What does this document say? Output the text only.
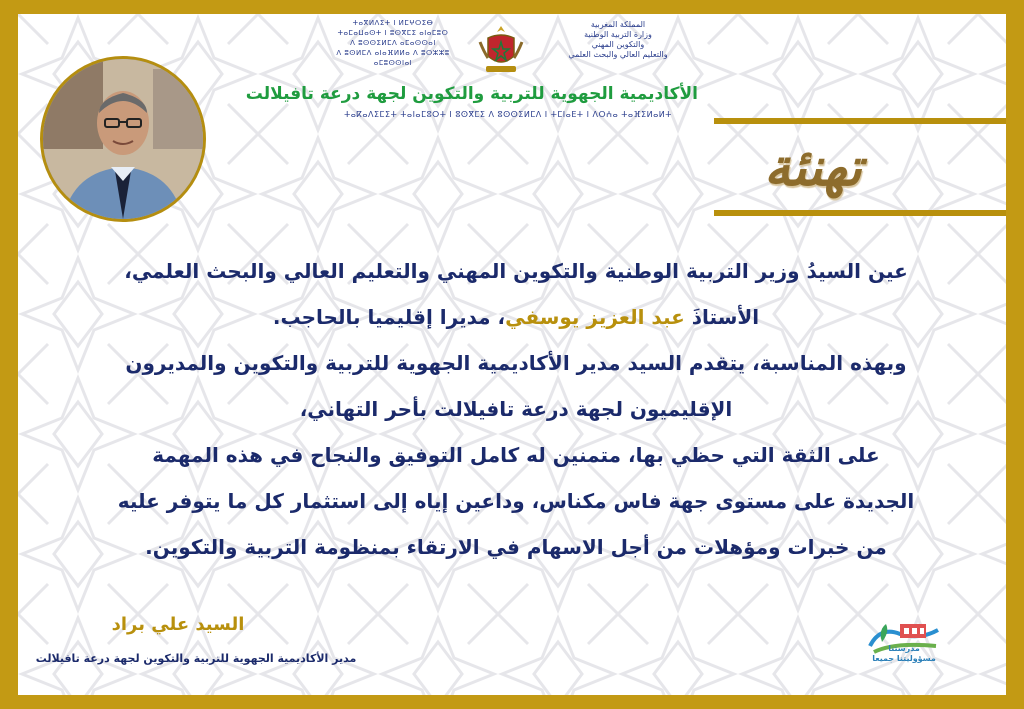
ⵜⴰⴳⵍⴷⵉⵜ ⵏ ⵍⵎⵖⵔⵉⴱ
ⵜⴰⵎⴰⵡⴰⵙⵜ ⵏ ⵓⵙⴳⵎⵉ ⴰⵏⴰⵎⵓⵔ
ⴷ ⵓⵙⵙⵉⵍⵎⴷ ⴰⵎⴰⵙⵙⴰⵏ
ⴷ ⵓⵙⵍⵎⴷ ⴰⵏⴰⴼⵍⵍⴰ ⴷ ⵓⵔⵣⵣⵓ ⴰⵎⵓⵙⵙⵏⴰⵏ
المملكة المغربية
وزارة التربية الوطنية
والتكوين المهني
والتعليم العالي والبحث العلمي
الأكاديمية الجهوية للتربية والتكوين لجهة درعة تافيلالت
ⵜⴰⴽⴰⴷⵉⵎⵉⵜ ⵜⴰⵏⴰⵎⵓⵔⵜ ⵏ ⵓⵙⴳⵎⵉ ⴷ ⵓⵙⵙⵉⵍⵎⴷ ⵏ ⵜⵎⵏⴰⴹⵜ ⵏ ⴷⵔⵄⴰ ⵜⴰⴼⵉⵍⴰⵍⵜ
تهنئة

عين السيدُ وزير التربية الوطنية والتكوين المهني والتعليم العالي والبحث العلمي،

الأستاذَ عبد العزيز يوسفي، مديرا إقليميا بالحاجب.

وبهذه المناسبة، يتقدم السيد مدير الأكاديمية الجهوية للتربية والتكوين والمديرون

الإقليميون لجهة درعة تافيلالت بأحر التهاني،

على الثقة التي حظي بها، متمنين له كامل التوفيق والنجاح في هذه المهمة

الجديدة على مستوى جهة فاس مكناس، وداعين إياه إلى استثمار كل ما يتوفر عليه

من خبرات ومؤهلات من أجل الاسهام في الارتقاء بمنظومة التربية والتكوين.

السيد علي براد
مدير الأكاديمية الجهوية للتربية والتكوين لجهة درعة تافيلالت
مدرستنا
مسؤوليتنا جميعا
